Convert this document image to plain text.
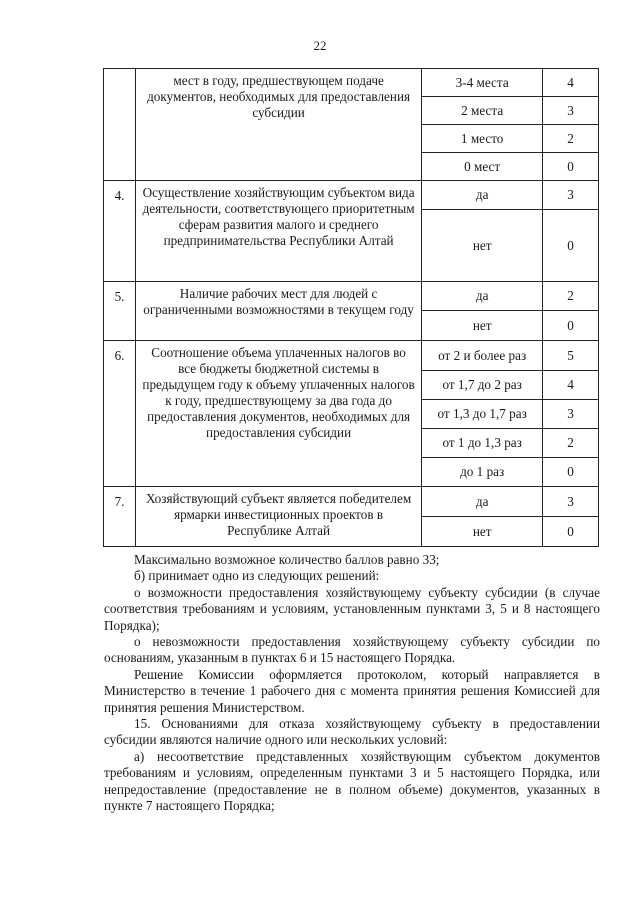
22
	мест в году, предшествующем подаче документов, необходимых для предоставления субсидии	3-4 места	4
		2 места	3
		1 место	2
		0 мест	0
4.	Осуществление хозяйствующим субъектом вида деятельности, соответствующего приоритетным сферам развития малого и среднего предпринимательства Республики Алтай	да	3
		нет	0
5.	Наличие рабочих мест для людей с ограниченными возможностями в текущем году	да	2
		нет	0
6.	Соотношение объема уплаченных налогов во все бюджеты бюджетной системы в предыдущем году к объему уплаченных налогов к году, предшествующему за два года до предоставления документов, необходимых для предоставления субсидии	от 2 и более раз	5
		от 1,7 до 2 раз	4
		от 1,3 до 1,7 раз	3
		от 1 до 1,3 раз	2
		до 1 раз	0
7.	Хозяйствующий субъект является победителем ярмарки инвестиционных проектов в Республике Алтай	да	3
		нет	0

Максимально возможное количество баллов равно 33;

б) принимает одно из следующих решений:

о возможности предоставления хозяйствующему субъекту субсидии (в случае соответствия требованиям и условиям, установленным пунктами 3, 5 и 8 настоящего Порядка);

о невозможности предоставления хозяйствующему субъекту субсидии по основаниям, указанным в пунктах 6 и 15 настоящего Порядка.

Решение Комиссии оформляется протоколом, который направляется в Министерство в течение 1 рабочего дня с момента принятия решения Комиссией для принятия решения Министерством.

15. Основаниями для отказа хозяйствующему субъекту в предоставлении субсидии являются наличие одного или нескольких условий:

а) несоответствие представленных хозяйствующим субъектом документов требованиям и условиям, определенным пунктами 3 и 5 настоящего Порядка, или непредоставление (предоставление не в полном объеме) документов, указанных в пункте 7 настоящего Порядка;
